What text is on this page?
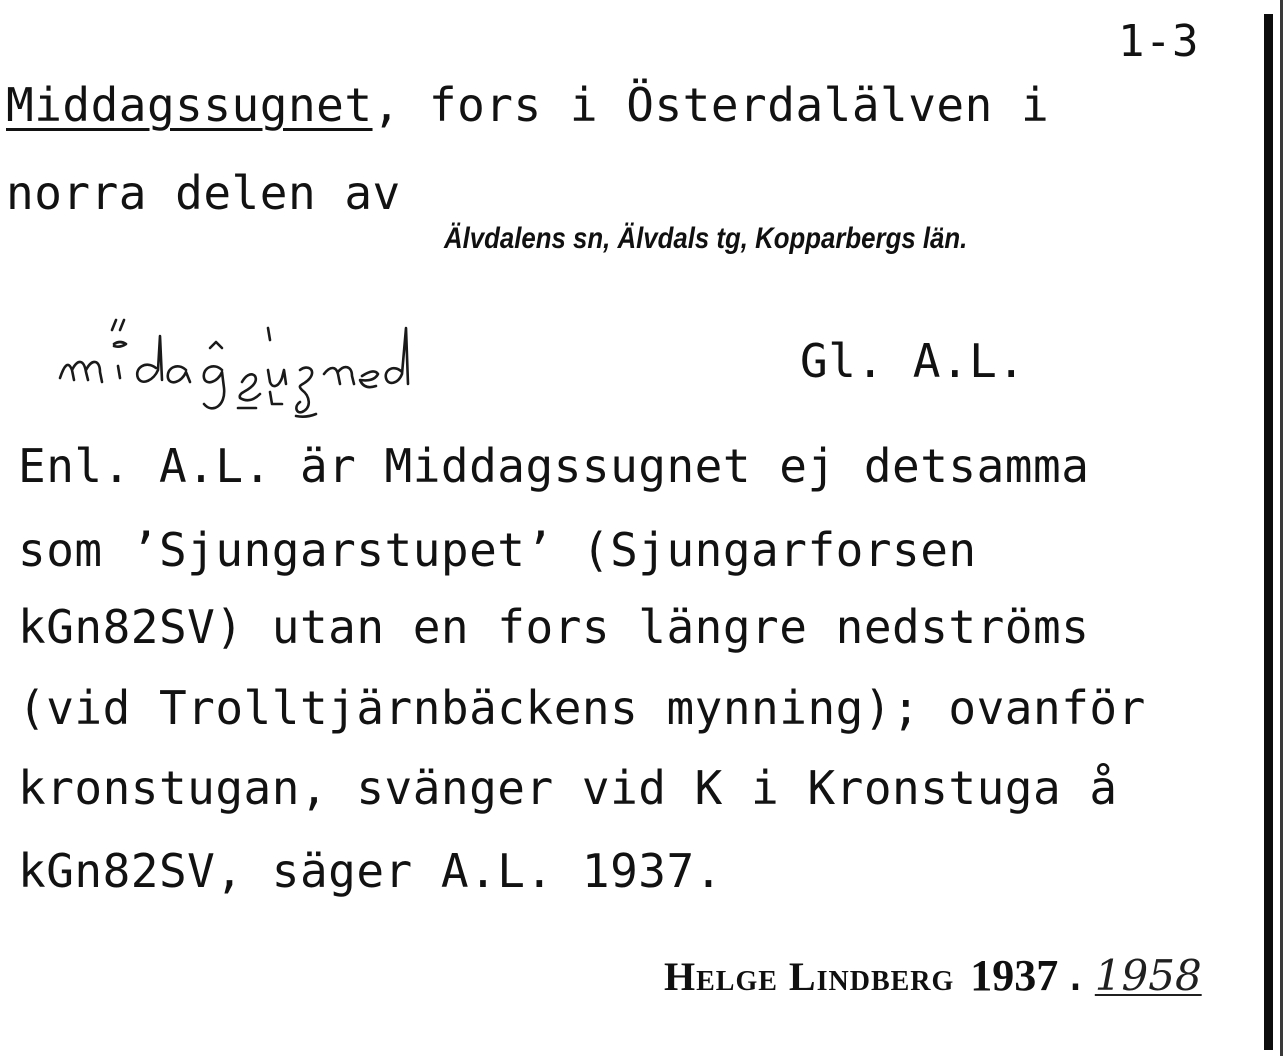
1-3
Middagssugnet, fors i Österdalälven i
norra delen av
Älvdalens sn, Älvdals tg, Kopparbergs län.
Gl. A.L.
Enl. A.L. är Middagssugnet ej detsamma
som ’Sjungarstupet’ (Sjungarforsen
kGn82SV) utan en fors längre nedströms
(vid Trolltjärnbäckens mynning); ovanför
kronstugan, svänger vid K i Kronstuga å
kGn82SV, säger A.L. 1937.
Helge Lindberg 1937 . 1958
